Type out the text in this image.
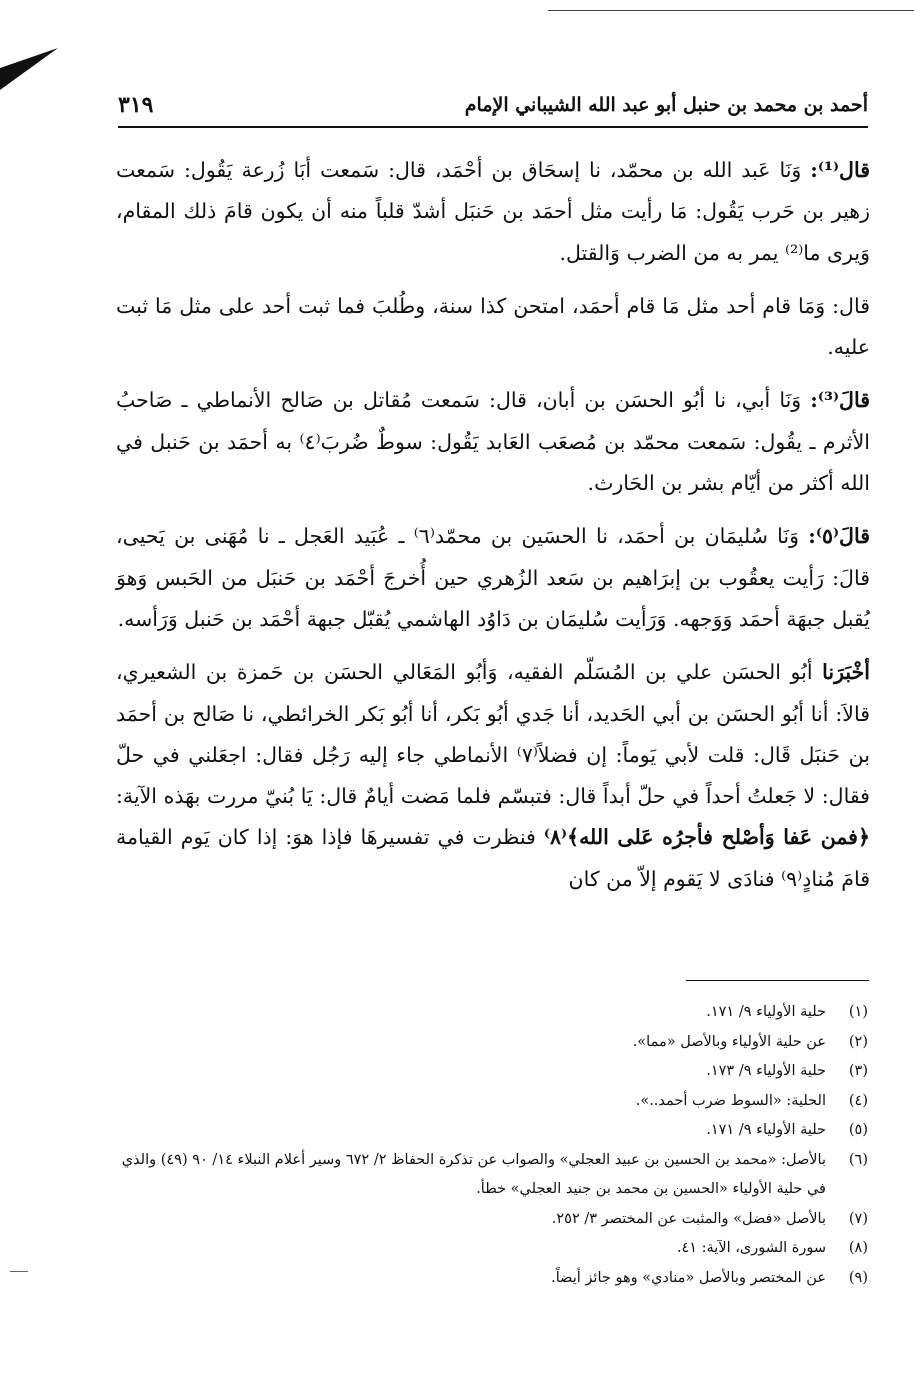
أحمد بن محمد بن حنبل أبو عبد الله الشيباني الإمام
٣١٩

قال⁽¹⁾: وَنَا عَبد الله بن محمّد، نا إسحَاق بن أحْمَد، قال: سَمعت أبَا زُرعة يَقُول: سَمعت زهير بن حَرب يَقُول: مَا رأيت مثل أحمَد بن حَنبَل أشدّ قلباً منه أن يكون قامَ ذلك المقام، وَيرى ما⁽²⁾ يمر به من الضرب وَالقتل.

قال: وَمَا قام أحد مثل مَا قام أحمَد، امتحن كذا سنة، وطُلبَ فما ثبت أحد على مثل مَا ثبت عليه.

قالَ⁽³⁾: وَنَا أبي، نا أبُو الحسَن بن أبان، قال: سَمعت مُقاتل بن صَالح الأنماطي ـ صَاحبُ الأثرم ـ يقُول: سَمعت محمّد بن مُصعَب العَابد يَقُول: سوطٌ ضُربَ⁽٤⁾ به أحمَد بن حَنبل في الله أكثر من أيّام بشر بن الحَارث.

قالَ⁽٥⁾: وَنَا سُليمَان بن أحمَد، نا الحسَين بن محمّد⁽٦⁾ ـ عُبَيد العَجل ـ نا مُهَنى بن يَحيى، قالَ: رَأيت يعقُوب بن إبرَاهيم بن سَعد الزُهري حين أُخرجَ أحْمَد بن حَنبَل من الحَبس وَهوَ يُقبل جبهَة أحمَد وَوَجهه. وَرَأيت سُليمَان بن دَاوُد الهاشمي يُقبّل جبهة أحْمَد بن حَنبل وَرَأسه.

أخْبَرَنا أبُو الحسَن علي بن المُسَلّم الفقيه، وَأبُو المَعَالي الحسَن بن حَمزة بن الشعيري، قالاَ: أنا أبُو الحسَن بن أبي الحَديد، أنا جَدي أبُو بَكر، أنا أبُو بَكر الخرائطي، نا صَالح بن أحمَد بن حَنبَل قَال: قلت لأبي يَوماً: إن فضلاً⁽٧⁾ الأنماطي جاء إليه رَجُل فقال: اجعَلني في حلّ فقال: لا جَعلتُ أحداً في حلّ أبداً قال: فتبسّم فلما مَضت أيامٌ قال: يَا بُنيّ مررت بهَذه الآية: ﴿فمن عَفا وَأصْلح فأجرُه عَلى الله﴾⁽٨⁾ فنظرت في تفسيرهَا فإذا هوَ: إذا كان يَوم القيامة قامَ مُنادٍ⁽٩⁾ فنادَى لا يَقوم إلاّ من كان

(١)
حلية الأولياء ٩/ ١٧١.
(٢)
عن حلية الأولياء وبالأصل «مما».
(٣)
حلية الأولياء ٩/ ١٧٣.
(٤)
الحلية: «السوط ضرب أحمد..».
(٥)
حلية الأولياء ٩/ ١٧١.
(٦)
بالأصل: «محمد بن الحسين بن عبيد العجلي» والصواب عن تذكرة الحفاظ ٢/ ٦٧٢ وسير أعلام النبلاء ١٤/ ٩٠ (٤٩) والذي في حلية الأولياء «الحسين بن محمد بن جنيد العجلي» خطأ.
(٧)
بالأصل «فضل» والمثبت عن المختصر ٣/ ٢٥٢.
(٨)
سورة الشورى، الآية: ٤١.
(٩)
عن المختصر وبالأصل «منادي» وهو جائز أيضاً.
